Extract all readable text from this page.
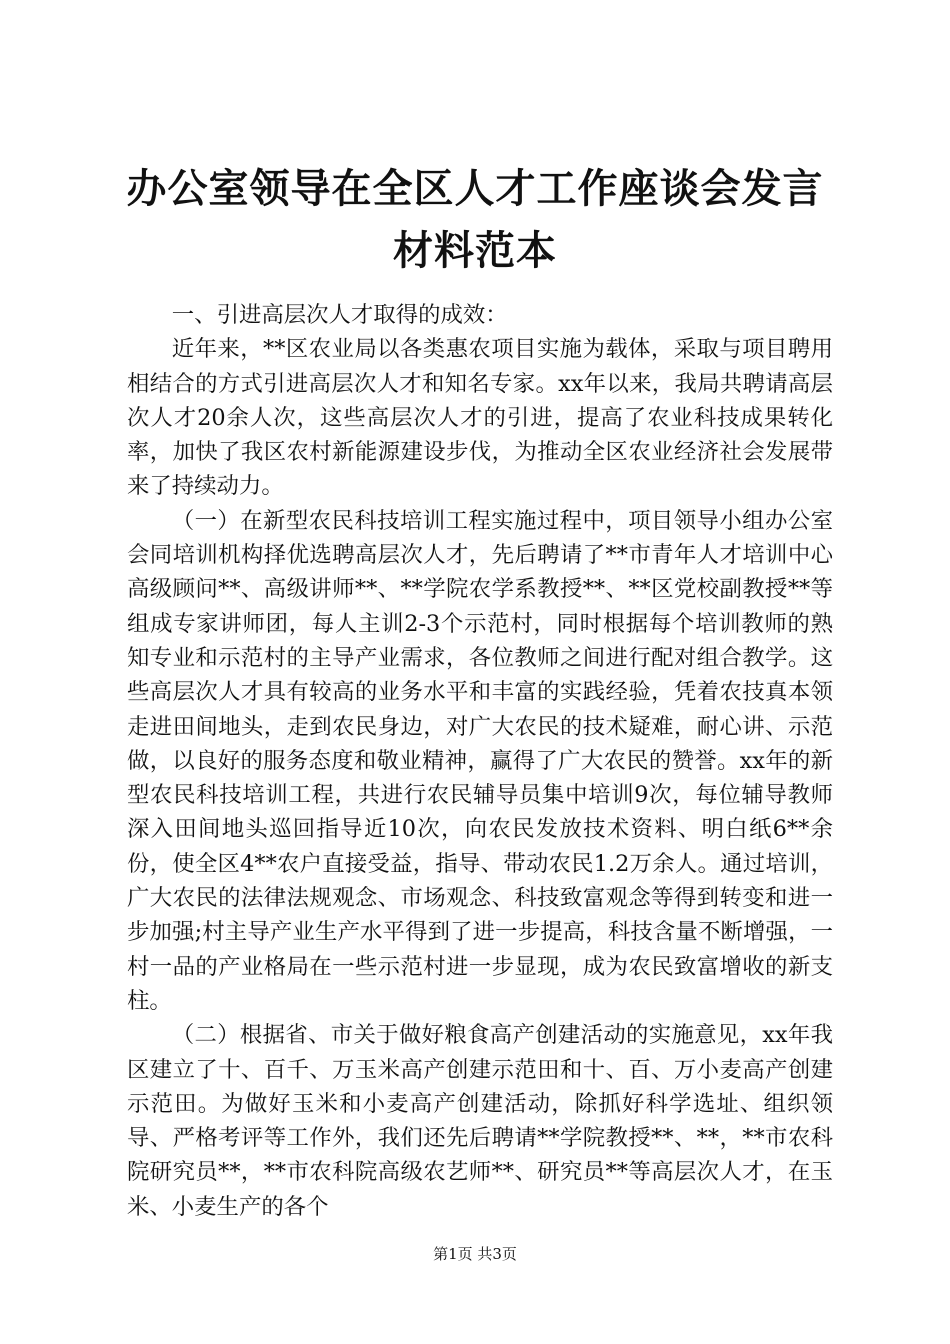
办公室领导在全区人才工作座谈会发言材料范本

一、引进高层次人才取得的成效：

近年来，**区农业局以各类惠农项目实施为载体，采取与项目聘用相结合的方式引进高层次人才和知名专家。xx年以来，我局共聘请高层次人才20余人次，这些高层次人才的引进，提高了农业科技成果转化率，加快了我区农村新能源建设步伐，为推动全区农业经济社会发展带来了持续动力。

（一）在新型农民科技培训工程实施过程中，项目领导小组办公室会同培训机构择优选聘高层次人才，先后聘请了**市青年人才培训中心高级顾问**、高级讲师**、**学院农学系教授**、**区党校副教授**等组成专家讲师团，每人主训2-3个示范村，同时根据每个培训教师的熟知专业和示范村的主导产业需求，各位教师之间进行配对组合教学。这些高层次人才具有较高的业务水平和丰富的实践经验，凭着农技真本领走进田间地头，走到农民身边，对广大农民的技术疑难，耐心讲、示范做，以良好的服务态度和敬业精神，赢得了广大农民的赞誉。xx年的新型农民科技培训工程，共进行农民辅导员集中培训9次，每位辅导教师深入田间地头巡回指导近10次，向农民发放技术资料、明白纸6**余份，使全区4**农户直接受益，指导、带动农民1.2万余人。通过培训，广大农民的法律法规观念、市场观念、科技致富观念等得到转变和进一步加强;村主导产业生产水平得到了进一步提高，科技含量不断增强，一村一品的产业格局在一些示范村进一步显现，成为农民致富增收的新支柱。

（二）根据省、市关于做好粮食高产创建活动的实施意见，xx年我区建立了十、百千、万玉米高产创建示范田和十、百、万小麦高产创建示范田。为做好玉米和小麦高产创建活动，除抓好科学选址、组织领导、严格考评等工作外，我们还先后聘请**学院教授**、**，**市农科院研究员**，**市农科院高级农艺师**、研究员**等高层次人才，在玉米、小麦生产的各个

第1页 共3页
